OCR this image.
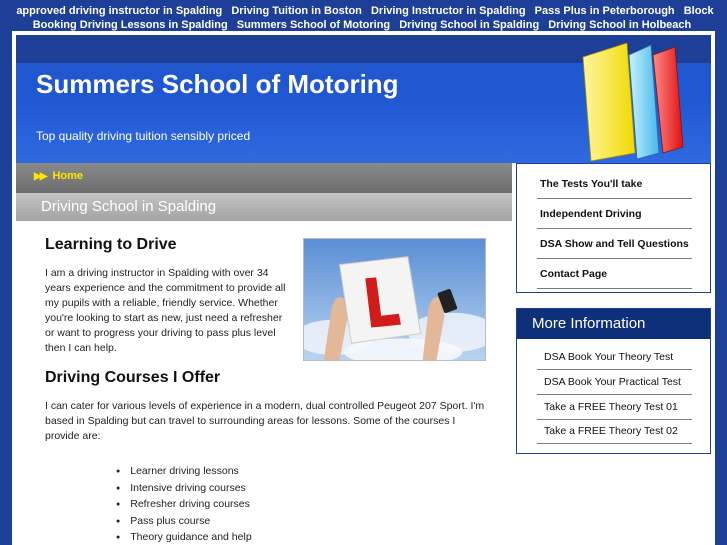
approved driving instructor in Spalding Driving Tuition in Boston Driving Instructor in Spalding Pass Plus in Peterborough Block Booking Driving Lessons in Spalding Summers School of Motoring Driving School in Spalding Driving School in Holbeach
Summers School of Motoring
Top quality driving tuition sensibly priced
▶▶ Home
Driving School in Spalding
Learning to Drive

I am a driving instructor in Spalding with over 34 years experience and the commitment to provide all my pupils with a reliable, friendly service. Whether you're looking to start as new, just need a refresher or want to progress your driving to pass plus level then I can help.

Driving Courses I Offer

I can cater for various levels of experience in a modern, dual controlled Peugeot 207 Sport. I'm based in Spalding but can travel to surrounding areas for lessons. Some of the courses I provide are:

● Learner driving lessons
● Intensive driving courses
● Refresher driving courses
● Pass plus course
● Theory guidance and help
The Tests You'll take
Independent Driving
DSA Show and Tell Questions
Contact Page
More Information
DSA Book Your Theory Test
DSA Book Your Practical Test
Take a FREE Theory Test 01
Take a FREE Theory Test 02
